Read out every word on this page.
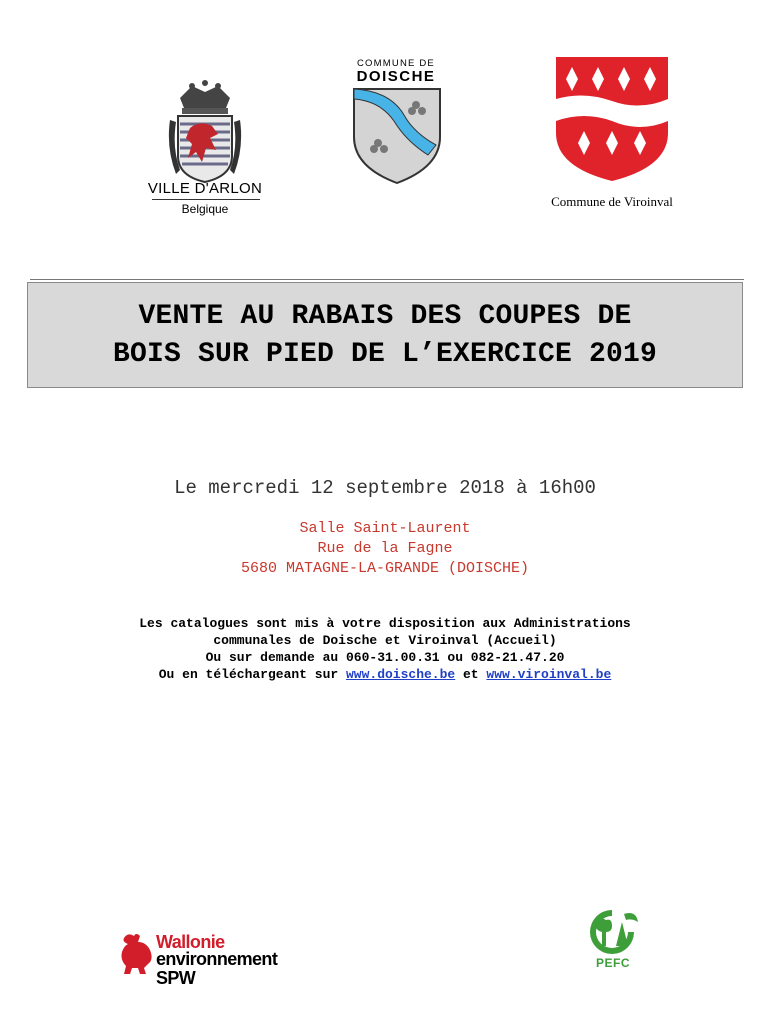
VILLE D'ARLON
Belgique
COMMUNE DE
DOISCHE
Commune de Viroinval
VENTE AU RABAIS DES COUPES DE
BOIS SUR PIED DE L’EXERCICE 2019
Le mercredi 12 septembre 2018 à 16h00
Salle Saint-Laurent
Rue de la Fagne
5680 MATAGNE-LA-GRANDE (DOISCHE)
Les catalogues sont mis à votre disposition aux Administrations
communales de Doische et Viroinval (Accueil)
Ou sur demande au 060-31.00.31 ou 082-21.47.20
Ou en téléchargeant sur www.doische.be et www.viroinval.be
Wallonie
environnement
SPW
PEFC
